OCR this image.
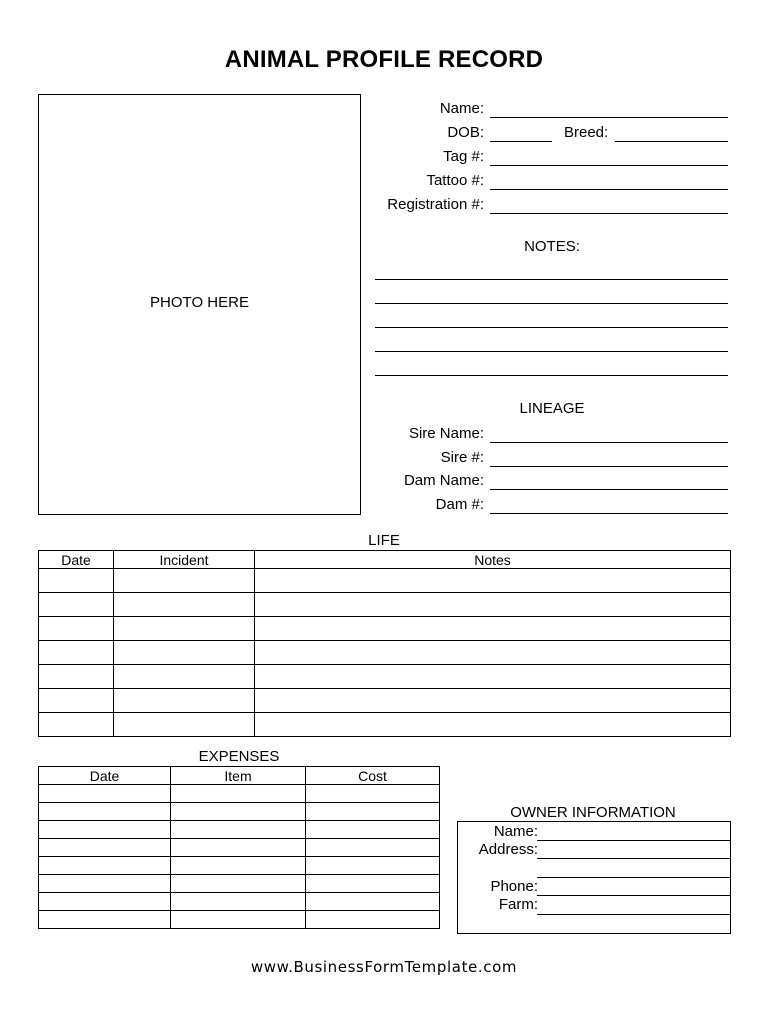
ANIMAL PROFILE RECORD
PHOTO HERE
Name:
DOB:	Breed:
Tag #:
Tattoo #:
Registration #:
NOTES:
LINEAGE
Sire Name:
Sire #:
Dam Name:
Dam #:
LIFE
Date	Incident	Notes

EXPENSES
Date	Item	Cost

OWNER INFORMATION
Name:
Address:
Phone:
Farm:
www.BusinessFormTemplate.com
